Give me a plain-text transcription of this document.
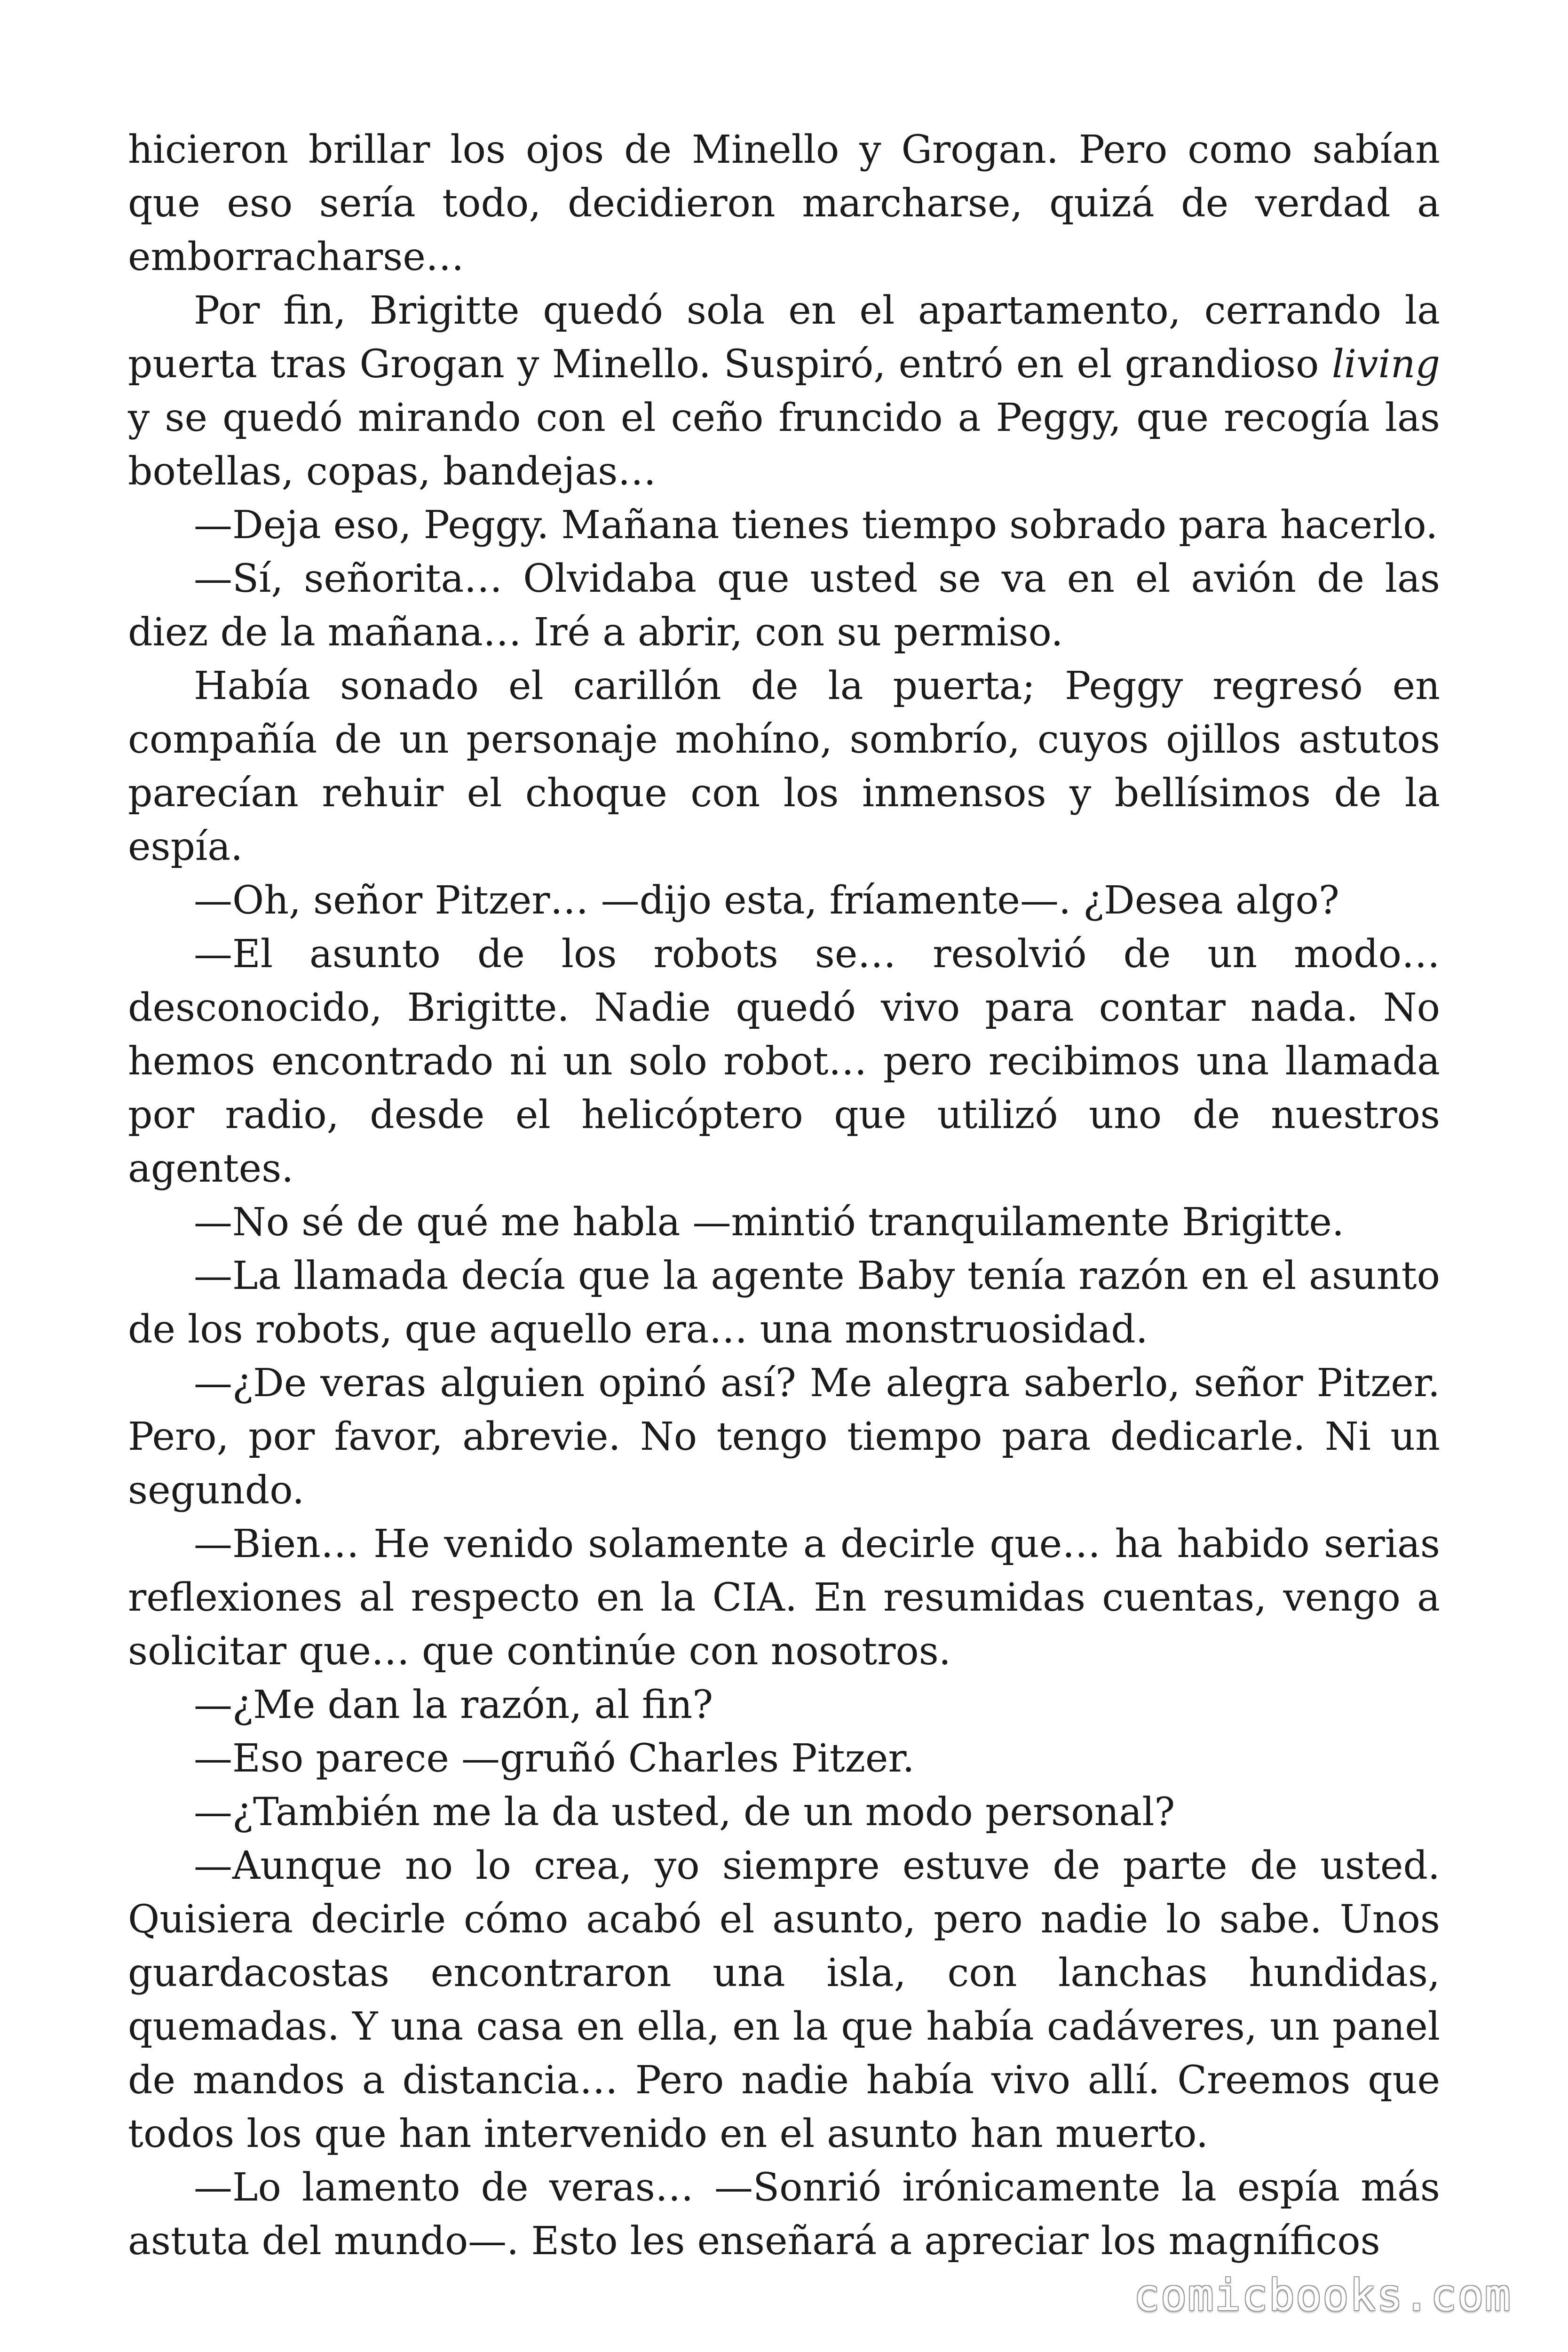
hicieron brillar los ojos de Minello y Grogan. Pero como sabían que eso sería todo, decidieron marcharse, quizá de verdad a emborracharse…

Por fin, Brigitte quedó sola en el apartamento, cerrando la puerta tras Grogan y Minello. Suspiró, entró en el grandioso living y se quedó mirando con el ceño fruncido a Peggy, que recogía las botellas, copas, bandejas…

—Deja eso, Peggy. Mañana tienes tiempo sobrado para hacerlo.

—Sí, señorita… Olvidaba que usted se va en el avión de las diez de la mañana… Iré a abrir, con su permiso.

Había sonado el carillón de la puerta; Peggy regresó en compañía de un personaje mohíno, sombrío, cuyos ojillos astutos parecían rehuir el choque con los inmensos y bellísimos de la espía.

—Oh, señor Pitzer… —dijo esta, fríamente—. ¿Desea algo?

—El asunto de los robots se… resolvió de un modo… desconocido, Brigitte. Nadie quedó vivo para contar nada. No hemos encontrado ni un solo robot… pero recibimos una llamada por radio, desde el helicóptero que utilizó uno de nuestros agentes.

—No sé de qué me habla —mintió tranquilamente Brigitte.

—La llamada decía que la agente Baby tenía razón en el asunto de los robots, que aquello era… una monstruosidad.

—¿De veras alguien opinó así? Me alegra saberlo, señor Pitzer. Pero, por favor, abrevie. No tengo tiempo para dedicarle. Ni un segundo.

—Bien… He venido solamente a decirle que… ha habido serias reflexiones al respecto en la CIA. En resumidas cuentas, vengo a solicitar que… que continúe con nosotros.

—¿Me dan la razón, al fin?

—Eso parece —gruñó Charles Pitzer.

—¿También me la da usted, de un modo personal?

—Aunque no lo crea, yo siempre estuve de parte de usted. Quisiera decirle cómo acabó el asunto, pero nadie lo sabe. Unos guardacostas encontraron una isla, con lanchas hundidas, quemadas. Y una casa en ella, en la que había cadáveres, un panel de mandos a distancia… Pero nadie había vivo allí. Creemos que todos los que han intervenido en el asunto han muerto.

—Lo lamento de veras… —Sonrió irónicamente la espía más astuta del mundo—. Esto les enseñará a apreciar los magníficos

comicbooks.com
